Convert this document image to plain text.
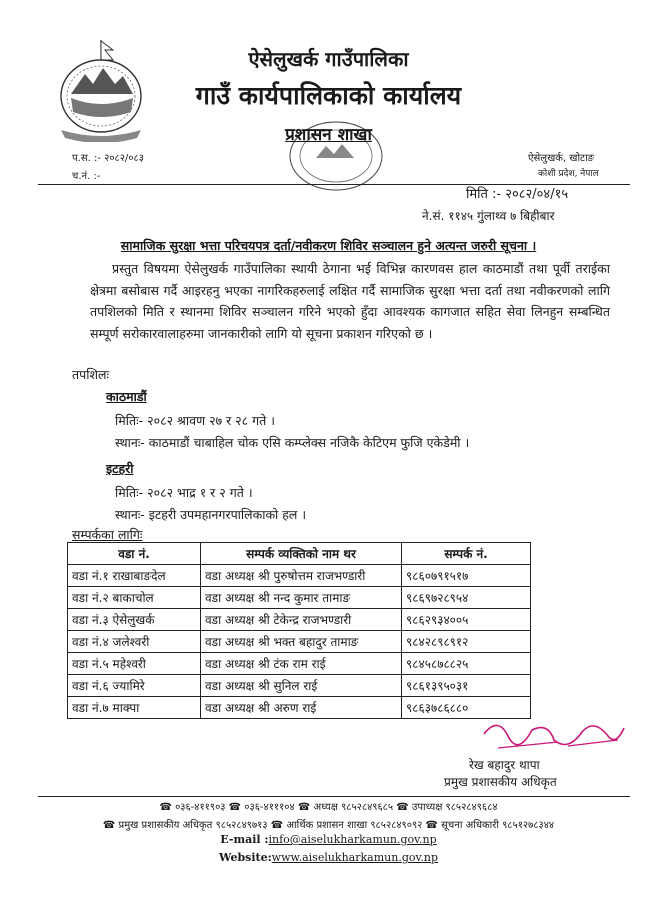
ऐसेलुखर्क गाउँपालिका
गाउँ कार्यपालिकाको कार्यालय
प्रशासन शाखा
प.स. :- २०८२/०८३
च.नं. :-
ऐसेलुखर्क, खोटाङ
कोशी प्रदेश, नेपाल
मिति :- २०८२/०४/१५
ने.सं. ११४५ गुंलाथ्व ७ बिहीबार
सामाजिक सुरक्षा भत्ता परिचयपत्र दर्ता/नवीकरण शिविर सञ्चालन हुने अत्यन्त जरुरी सूचना ।
प्रस्तुत विषयमा ऐसेलुखर्क गाउँपालिका स्थायी ठेगाना भई विभिन्न कारणवस हाल काठमाडौं तथा पूर्वी तराईका क्षेत्रमा बसोबास गर्दै आइरहनु भएका नागरिकहरुलाई लक्षित गर्दै सामाजिक सुरक्षा भत्ता दर्ता तथा नवीकरणको लागि तपशिलको मिति र स्थानमा शिविर सञ्चालन गरिने भएको हुँदा आवश्यक कागजात सहित सेवा लिनहुन सम्बन्धित सम्पूर्ण सरोकारवालाहरुमा जानकारीको लागि यो सूचना प्रकाशन गरिएको छ ।
तपशिलः
काठमाडौं
मितिः- २०८२ श्रावण २७ र २८ गते ।
स्थानः- काठमाडौं चाबाहिल चोक एसि कम्प्लेक्स नजिकै केटिएम फुजि एकेडेमी ।
इटहरी
मितिः- २०८२ भाद्र १ र २ गते ।
स्थानः- इटहरी उपमहानगरपालिकाको हल ।
सम्पर्कका लागिः
वडा नं.	सम्पर्क व्यक्तिको नाम थर	सम्पर्क नं.
वडा नं.१ राखाबाङदेल	वडा अध्यक्ष श्री पुरुषोत्तम राजभण्डारी	९८६०७९१५१७
वडा नं.२ बाकाचोल	वडा अध्यक्ष श्री नन्द कुमार तामाङ	९८६९७२८९५४
वडा नं.३ ऐसेलुखर्क	वडा अध्यक्ष श्री टेकेन्द्र राजभण्डारी	९८६२९३४००५
वडा नं.४ जलेश्वरी	वडा अध्यक्ष श्री भक्त बहादुर तामाङ	९८४२८९८९१२
वडा नं.५ महेश्वरी	वडा अध्यक्ष श्री टंक राम राई	९८४५८७८८२५
वडा नं.६ ज्यामिरे	वडा अध्यक्ष श्री सुनिल राई	९८६१३९५०३१
वडा नं.७ माक्पा	वडा अध्यक्ष श्री अरुण राई	९८६३७८६८८०
रेख बहादुर थापा
प्रमुख प्रशासकीय अधिकृत
☎ ०३६-४११९०३ ☎ ०३६-४१११०४ ☎ अध्यक्ष ९८५२८४९६८५ ☎ उपाध्यक्ष ९८५२८४९६८४
☎ प्रमुख प्रशासकीय अधिकृत ९८५२८४९७१३ ☎ आर्थिक प्रशासन शाखा ९८५२८४९०९२ ☎ सूचना अधिकारी ९८५१२७८३४४
E-mail :info@aiselukharkamun.gov.np
Website:www.aiselukharkamun.gov.np
